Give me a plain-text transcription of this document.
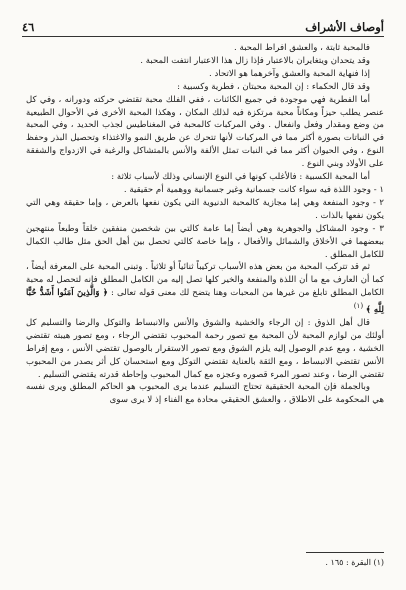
أوصاف الأشراف
٤٦

فالمحبة ثابتة ، والعشق افراط المحبة .

وقد يتحدان ويتغايران بالاعتبار فإذا زال هذا الاعتبار انتفت المحبة .

إذا فنهاية المحبة والعشق وآخرهما هو الاتحاد .

وقد قال الحكماء : إن المحبة محبتان ، فطرية وكسبية :

أما الفطرية فهي موجودة في جميع الكائنات ، ففي الفلك محبة تقتضي حركته ودورانه ، وفي كل عنصر يطلب حيزاً ومكاناً محبة مرتكزة فيه لذلك المكان ، وهكذا المحبة الأخرى في الأحوال الطبيعية من وضع ومقدار وفعل وانفعال . وفي المركبات كالمحبة في المغناطيس لجذب الحديد ، وفي المحبة في النباتات بصورة أكثر مما في المركبات لأنها تتحرك عن طريق النمو والاغتذاء وتحصيل البذر وحفظ النوع ، وفي الحيوان أكثر مما في النبات تمثل الألفة والأنس بالمتشاكل والرغبة في الازدواج والشفقة على الأولاد وبني النوع .

أما المحبة الكسبية : فالأغلب كونها في النوع الإنساني وذلك لأسباب ثلاثة :

١ - وجود اللذة فيه سواء كانت جسمانية وغير جسمانية ووهمية أم حقيقية .

٢ - وجود المنفعة وهي إما مجازية كالمحبة الدنيوية التي يكون نفعها بالعرض ، وإما حقيقة وهي التي يكون نفعها بالذات .

٣ - وجود المشاكل والجوهرية وهي أيضاً إما عامة كالتي بين شخصين منفقين خلقاً وطبعاً منتهجين ببعضهما في الأخلاق والشمائل والأفعال ، وإما خاصة كالتي تحصل بين أهل الحق مثل طالب الكمال للكامل المطلق .

ثم قد تتركب المحبة من بعض هذه الأسباب تركيباً ثنائياً أو ثلاثياً . وتبنى المحبة على المعرفة أيضاً ، كما أن العارف مع ما أن اللذة والمنفعة والخير كلها تصل إليه من الكامل المطلق فإنه لتحصل له محبة الكامل المطلق تابلغ من غيرها من المحبات وهنا يتضح لك معنى قوله تعالى : ﴿ وَالَّذِينَ آمَنُوا أَشَدُّ حُبًّا لِلَّهِ ﴾ $^{(١)}$

قال أهل الذوق : إن الرجاء والخشية والشوق والأنس والانبساط والتوكل والرضا والتسليم كل أولئك من لوازم المحبة لأن المحبة مع تصور رحمة المحبوب تقتضي الرجاء ، ومع تصور هيبته تقتضي الخشية ، ومع عدم الوصول إليه يلزم الشوق ومع تصور الاستقرار بالوصول تقتضي الأنس ، ومع إفراط الأنس تقتضي الانبساط ، ومع الثقة بالعناية تقتضي التوكل ومع استحسان كل أثر يصدر من المحبوب تقتضي الرضا ، وعند تصور المرء قصوره وعجزه مع كمال المحبوب وإحاطة قدرته يقتضي التسليم .

وبالجملة فإن المحبة الحقيقية تحتاج التسليم عندما يرى المحبوب هو الحاكم المطلق ويرى نفسه هي المحكومة على الاطلاق ، والعشق الحقيقي محادة مع الفناء إذ لا يرى سوى

(١) البقرة : ١٦٥ .
